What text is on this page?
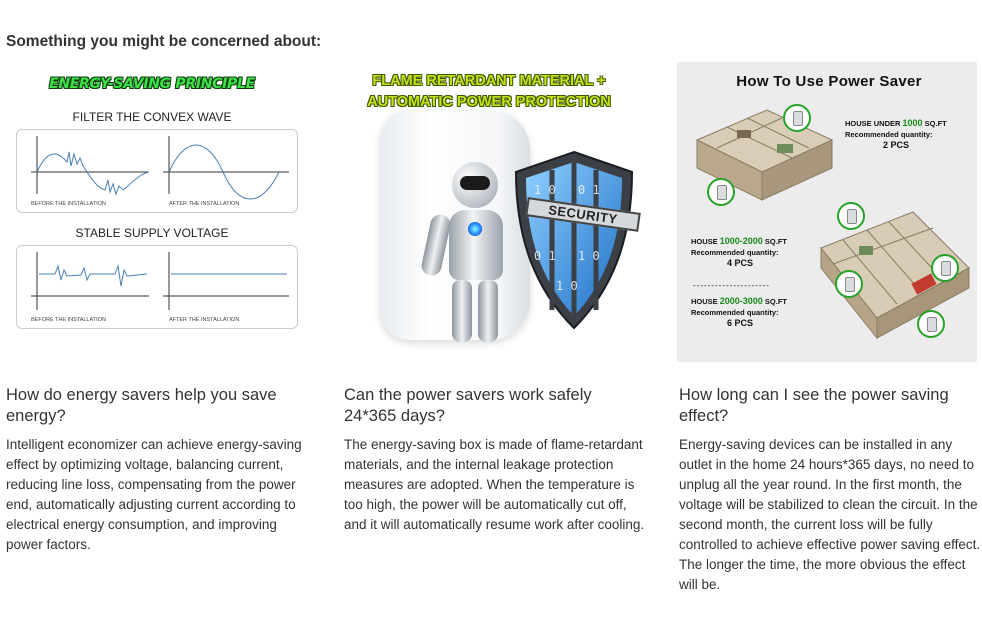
Something you might be concerned about:
ENERGY-SAVING PRINCIPLE
FILTER THE CONVEX WAVE
BEFORE THE INSTALLATION	AFTER THE INSTALLATION
STABLE SUPPLY VOLTAGE
BEFORE THE INSTALLATION	AFTER THE INSTALLATION
How do energy savers help you save energy?

Intelligent economizer can achieve energy-saving effect by optimizing voltage, balancing current, reducing line loss, compensating from the power end, automatically adjusting current according to electrical energy consumption, and improving power factors.

FLAME RETARDANT MATERIAL +
AUTOMATIC POWER PROTECTION
1 0 0 1
0 1 1 0
1 0
SECURITY
Can the power savers work safely 24*365 days?

The energy-saving box is made of flame-retardant materials, and the internal leakage protection measures are adopted. When the temperature is too high, the power will be automatically cut off, and it will automatically resume work after cooling.

How To Use Power Saver
HOUSE UNDER 1000 SQ.FT
Recommended quantity:
2 PCS
HOUSE 1000-2000 SQ.FT
Recommended quantity:
4 PCS
---------------------
HOUSE 2000-3000 SQ.FT
Recommended quantity:
6 PCS
How long can I see the power saving effect?

Energy-saving devices can be installed in any outlet in the home 24 hours*365 days, no need to unplug all the year round. In the first month, the voltage will be stabilized to clean the circuit. In the second month, the current loss will be fully controlled to achieve effective power saving effect. The longer the time, the more obvious the effect will be.
